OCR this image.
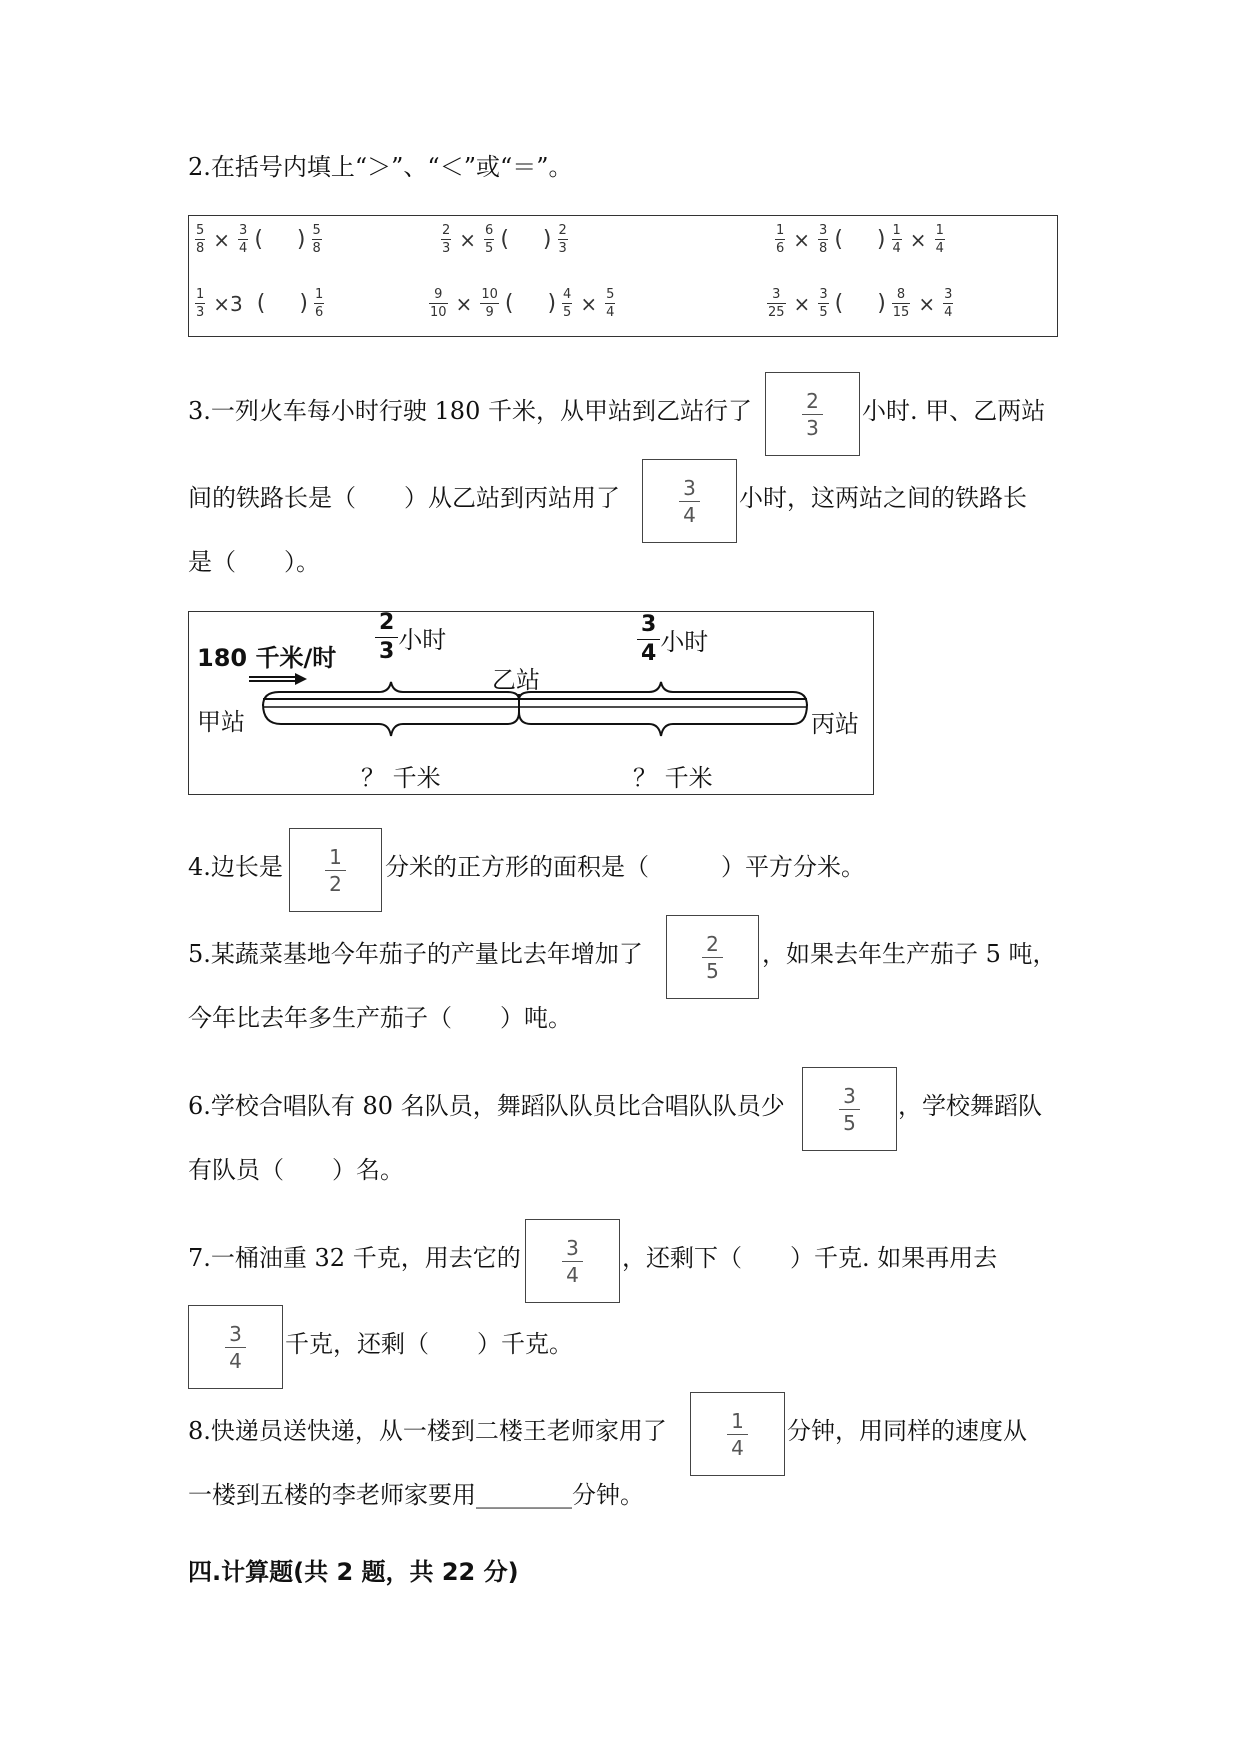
2.在括号内填上“＞”、“＜”或“＝”。
$\frac{5}{8} \times \frac{3}{4}$ ( ) $\frac{5}{8}$	$\frac{2}{3} \times \frac{6}{5}$ ( ) $\frac{2}{3}$	$\frac{1}{6} \times \frac{3}{8}$ ( ) $\frac{1}{4} \times \frac{1}{4}$
$\frac{1}{3} \times 3$ ( ) $\frac{1}{6}$	$\frac{9}{10} \times \frac{10}{9}$ ( ) $\frac{4}{5} \times \frac{5}{4}$	$\frac{3}{25} \times \frac{3}{5}$ ( ) $\frac{8}{15} \times \frac{3}{4}$
3.一列火车每小时行驶 180 千米，从甲站到乙站行了	$\frac{2}{3}$ 小时. 甲、乙两站
间的铁路长是（　　）从乙站到丙站用了	$\frac{3}{4}$ 小时，这两站之间的铁路长
是（　　）。
180 千米/时 $\frac{2}{3}$ 小时	$\frac{3}{4}$ 小时
乙站
甲站	丙站
？ 千米	？ 千米
4.边长是 $\frac{1}{2}$ 分米的正方形的面积是（　　　）平方分米。
5.某蔬菜基地今年茄子的产量比去年增加了	$\frac{2}{5}$ ，如果去年生产茄子 5 吨，
今年比去年多生产茄子（　　）吨。
6.学校合唱队有 80 名队员，舞蹈队队员比合唱队队员少	$\frac{3}{5}$ ，学校舞蹈队
有队员（　　）名。
7.一桶油重 32 千克，用去它的 $\frac{3}{4}$ ，还剩下（　　）千克. 如果再用去
$\frac{3}{4}$ 千克，还剩（　　）千克。
8.快递员送快递，从一楼到二楼王老师家用了	$\frac{1}{4}$ 分钟，用同样的速度从
一楼到五楼的李老师家要用________分钟。
四.计算题(共 2 题，共 22 分)
